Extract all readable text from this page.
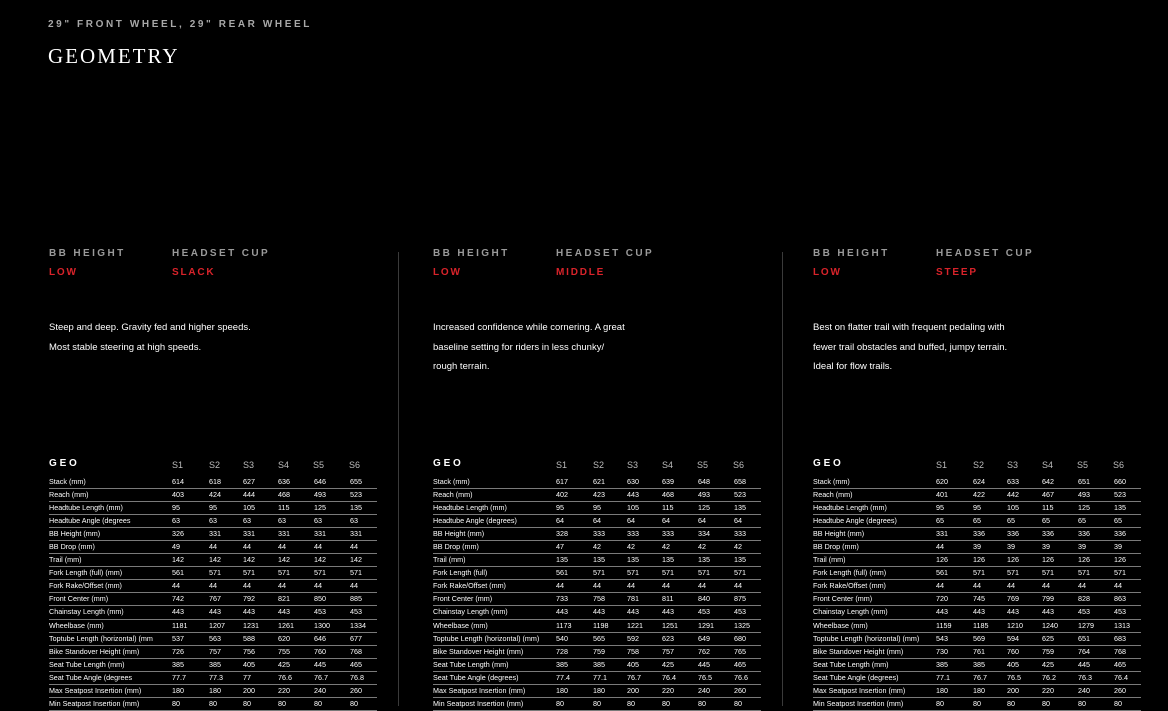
29" FRONT WHEEL, 29" REAR WHEEL
GEOMETRY
BB HEIGHT	HEADSET CUP
LOW	SLACK

Steep and deep. Gravity fed and higher speeds.

Most stable steering at high speeds.

GEO	S1	S2	S3	S4	S5	S6
Stack (mm)	614	618	627	636	646	655
Reach (mm)	403	424	444	468	493	523
Headtube Length (mm)	95	95	105	115	125	135
Headtube Angle (degrees	63	63	63	63	63	63
BB Height (mm)	326	331	331	331	331	331
BB Drop (mm)	49	44	44	44	44	44
Trail (mm)	142	142	142	142	142	142
Fork Length (full) (mm)	561	571	571	571	571	571
Fork Rake/Offset (mm)	44	44	44	44	44	44
Front Center (mm)	742	767	792	821	850	885
Chainstay Length (mm)	443	443	443	443	453	453
Wheelbase (mm)	1181	1207	1231	1261	1300	1334
Toptube Length (horizontal) (mm	537	563	588	620	646	677
Bike Standover Height (mm)	726	757	756	755	760	768
Seat Tube Length (mm)	385	385	405	425	445	465
Seat Tube Angle (degrees	77.7	77.3	77	76.6	76.7	76.8
Max Seatpost Insertion (mm)	180	180	200	220	240	260
Min Seatpost Insertion (mm)	80	80	80	80	80	80
BB HEIGHT	HEADSET CUP
LOW	MIDDLE

Increased confidence while cornering. A great

baseline setting for riders in less chunky/

rough terrain.

GEO	S1	S2	S3	S4	S5	S6
Stack (mm)	617	621	630	639	648	658
Reach (mm)	402	423	443	468	493	523
Headtube Length (mm)	95	95	105	115	125	135
Headtube Angle (degrees)	64	64	64	64	64	64
BB Height (mm)	328	333	333	333	334	333
BB Drop (mm)	47	42	42	42	42	42
Trail (mm)	135	135	135	135	135	135
Fork Length (full)	561	571	571	571	571	571
Fork Rake/Offset (mm)	44	44	44	44	44	44
Front Center (mm)	733	758	781	811	840	875
Chainstay Length (mm)	443	443	443	443	453	453
Wheelbase (mm)	1173	1198	1221	1251	1291	1325
Toptube Length (horizontal) (mm) 540	565	592	623	649	680
Bike Standover Height (mm)	728	759	758	757	762	765
Seat Tube Length (mm)	385	385	405	425	445	465
Seat Tube Angle (degrees)	77.4	77.1	76.7	76.4	76.5	76.6
Max Seatpost Insertion (mm)	180	180	200	220	240	260
Min Seatpost Insertion (mm)	80	80	80	80	80	80
BB HEIGHT	HEADSET CUP
LOW	STEEP

Best on flatter trail with frequent pedaling with

fewer trail obstacles and buffed, jumpy terrain.

Ideal for flow trails.

GEO	S1	S2	S3	S4	S5	S6
Stack (mm)	620	624	633	642	651	660
Reach (mm)	401	422	442	467	493	523
Headtube Length (mm)	95	95	105	115	125	135
Headtube Angle (degrees)	65	65	65	65	65	65
BB Height (mm)	331	336	336	336	336	336
BB Drop (mm)	44	39	39	39	39	39
Trail (mm)	126	126	126	126	126	126
Fork Length (full) (mm)	561	571	571	571	571	571
Fork Rake/Offset (mm)	44	44	44	44	44	44
Front Center (mm)	720	745	769	799	828	863
Chainstay Length (mm)	443	443	443	443	453	453
Wheelbase (mm)	1159	1185	1210	1240	1279	1313
Toptube Length (horizontal) (mm) 543	569	594	625	651	683
Bike Standover Height (mm)	730	761	760	759	764	768
Seat Tube Length (mm)	385	385	405	425	445	465
Seat Tube Angle (degrees)	77.1	76.7	76.5	76.2	76.3	76.4
Max Seatpost Insertion (mm)	180	180	200	220	240	260
Min Seatpost Insertion (mm)	80	80	80	80	80	80
